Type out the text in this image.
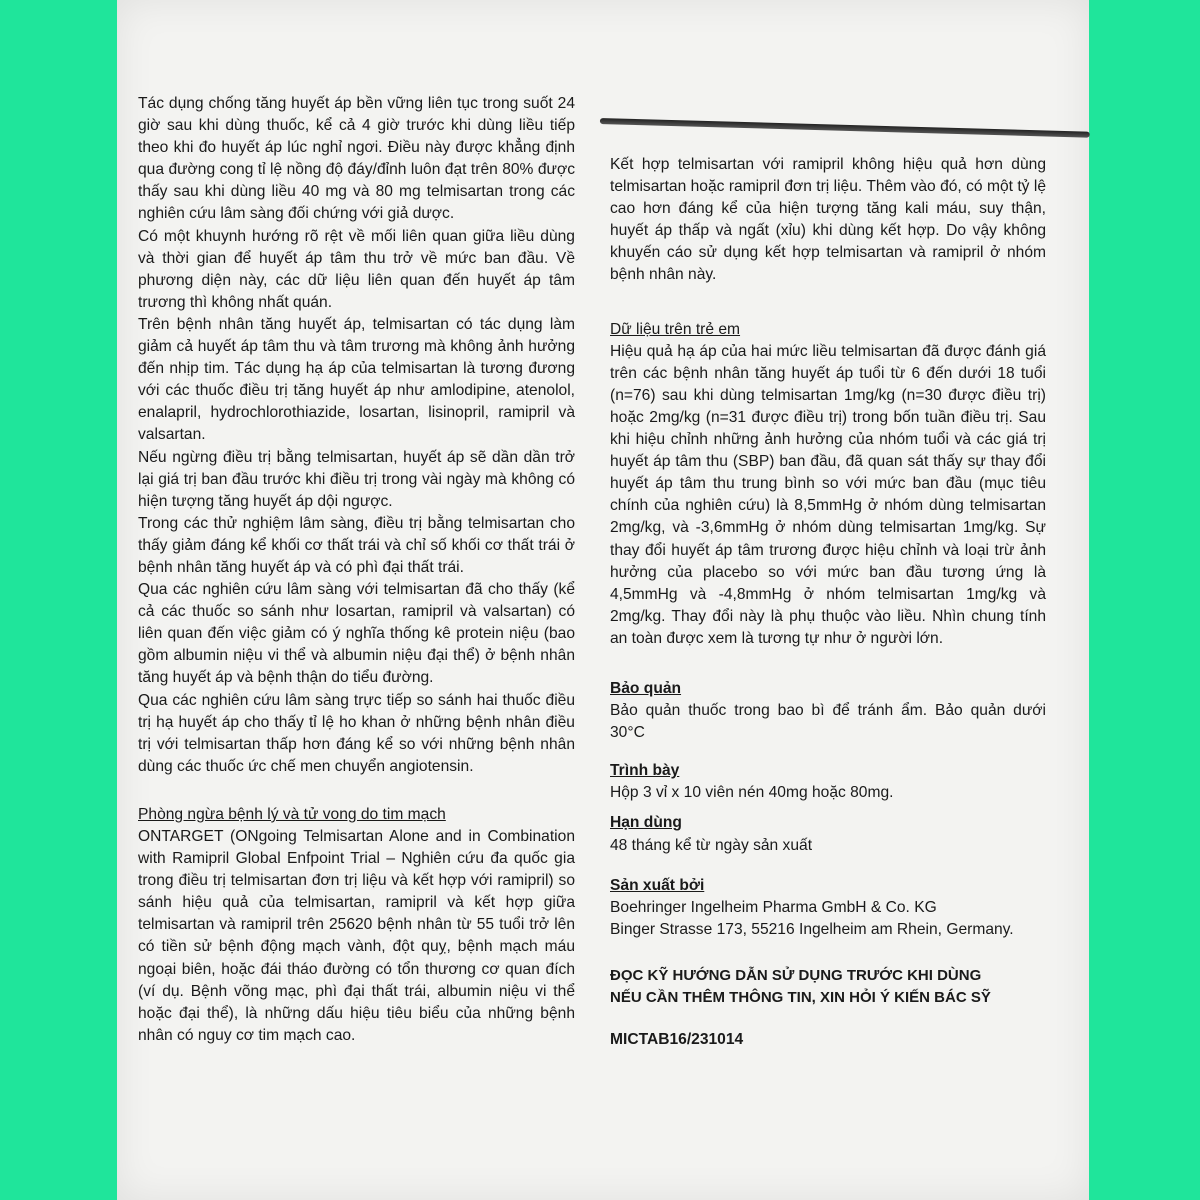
Tác dụng chống tăng huyết áp bền vững liên tục trong suốt 24 giờ sau khi dùng thuốc, kể cả 4 giờ trước khi dùng liều tiếp theo khi đo huyết áp lúc nghỉ ngơi. Điều này được khẳng định qua đường cong tỉ lệ nồng độ đáy/đỉnh luôn đạt trên 80% được thấy sau khi dùng liều 40 mg và 80 mg telmisartan trong các nghiên cứu lâm sàng đối chứng với giả dược.

Có một khuynh hướng rõ rệt về mối liên quan giữa liều dùng và thời gian để huyết áp tâm thu trở về mức ban đầu. Về phương diện này, các dữ liệu liên quan đến huyết áp tâm trương thì không nhất quán.

Trên bệnh nhân tăng huyết áp, telmisartan có tác dụng làm giảm cả huyết áp tâm thu và tâm trương mà không ảnh hưởng đến nhịp tim. Tác dụng hạ áp của telmisartan là tương đương với các thuốc điều trị tăng huyết áp như amlodipine, atenolol, enalapril, hydrochlorothiazide, losartan, lisinopril, ramipril và valsartan.

Nếu ngừng điều trị bằng telmisartan, huyết áp sẽ dần dần trở lại giá trị ban đầu trước khi điều trị trong vài ngày mà không có hiện tượng tăng huyết áp dội ngược.

Trong các thử nghiệm lâm sàng, điều trị bằng telmisartan cho thấy giảm đáng kể khối cơ thất trái và chỉ số khối cơ thất trái ở bệnh nhân tăng huyết áp và có phì đại thất trái.

Qua các nghiên cứu lâm sàng với telmisartan đã cho thấy (kể cả các thuốc so sánh như losartan, ramipril và valsartan) có liên quan đến việc giảm có ý nghĩa thống kê protein niệu (bao gồm albumin niệu vi thể và albumin niệu đại thể) ở bệnh nhân tăng huyết áp và bệnh thận do tiểu đường.

Qua các nghiên cứu lâm sàng trực tiếp so sánh hai thuốc điều trị hạ huyết áp cho thấy tỉ lệ ho khan ở những bệnh nhân điều trị với telmisartan thấp hơn đáng kể so với những bệnh nhân dùng các thuốc ức chế men chuyển angiotensin.

Phòng ngừa bệnh lý và tử vong do tim mạch

ONTARGET (ONgoing Telmisartan Alone and in Combination with Ramipril Global Enfpoint Trial – Nghiên cứu đa quốc gia trong điều trị telmisartan đơn trị liệu và kết hợp với ramipril) so sánh hiệu quả của telmisartan, ramipril và kết hợp giữa telmisartan và ramipril trên 25620 bệnh nhân từ 55 tuổi trở lên có tiền sử bệnh động mạch vành, đột quỵ, bệnh mạch máu ngoại biên, hoặc đái tháo đường có tổn thương cơ quan đích (ví dụ. Bệnh võng mạc, phì đại thất trái, albumin niệu vi thể hoặc đại thể), là những dấu hiệu tiêu biểu của những bệnh nhân có nguy cơ tim mạch cao.

Kết hợp telmisartan với ramipril không hiệu quả hơn dùng telmisartan hoặc ramipril đơn trị liệu. Thêm vào đó, có một tỷ lệ cao hơn đáng kể của hiện tượng tăng kali máu, suy thận, huyết áp thấp và ngất (xỉu) khi dùng kết hợp. Do vậy không khuyến cáo sử dụng kết hợp telmisartan và ramipril ở nhóm bệnh nhân này.

Dữ liệu trên trẻ em

Hiệu quả hạ áp của hai mức liều telmisartan đã được đánh giá trên các bệnh nhân tăng huyết áp tuổi từ 6 đến dưới 18 tuổi (n=76) sau khi dùng telmisartan 1mg/kg (n=30 được điều trị) hoặc 2mg/kg (n=31 được điều trị) trong bốn tuần điều trị. Sau khi hiệu chỉnh những ảnh hưởng của nhóm tuổi và các giá trị huyết áp tâm thu (SBP) ban đầu, đã quan sát thấy sự thay đổi huyết áp tâm thu trung bình so với mức ban đầu (mục tiêu chính của nghiên cứu) là 8,5mmHg ở nhóm dùng telmisartan 2mg/kg, và -3,6mmHg ở nhóm dùng telmisartan 1mg/kg. Sự thay đổi huyết áp tâm trương được hiệu chỉnh và loại trừ ảnh hưởng của placebo so với mức ban đầu tương ứng là 4,5mmHg và -4,8mmHg ở nhóm telmisartan 1mg/kg và 2mg/kg. Thay đổi này là phụ thuộc vào liều. Nhìn chung tính an toàn được xem là tương tự như ở người lớn.

Bảo quản

Bảo quản thuốc trong bao bì để tránh ẩm. Bảo quản dưới 30°C

Trình bày

Hộp 3 vỉ x 10 viên nén 40mg hoặc 80mg.

Hạn dùng

48 tháng kể từ ngày sản xuất

Sản xuất bởi

Boehringer Ingelheim Pharma GmbH & Co. KG

Binger Strasse 173, 55216 Ingelheim am Rhein, Germany.

ĐỌC KỸ HƯỚNG DẪN SỬ DỤNG TRƯỚC KHI DÙNG

NẾU CẦN THÊM THÔNG TIN, XIN HỎI Ý KIẾN BÁC SỸ

MICTAB16/231014
